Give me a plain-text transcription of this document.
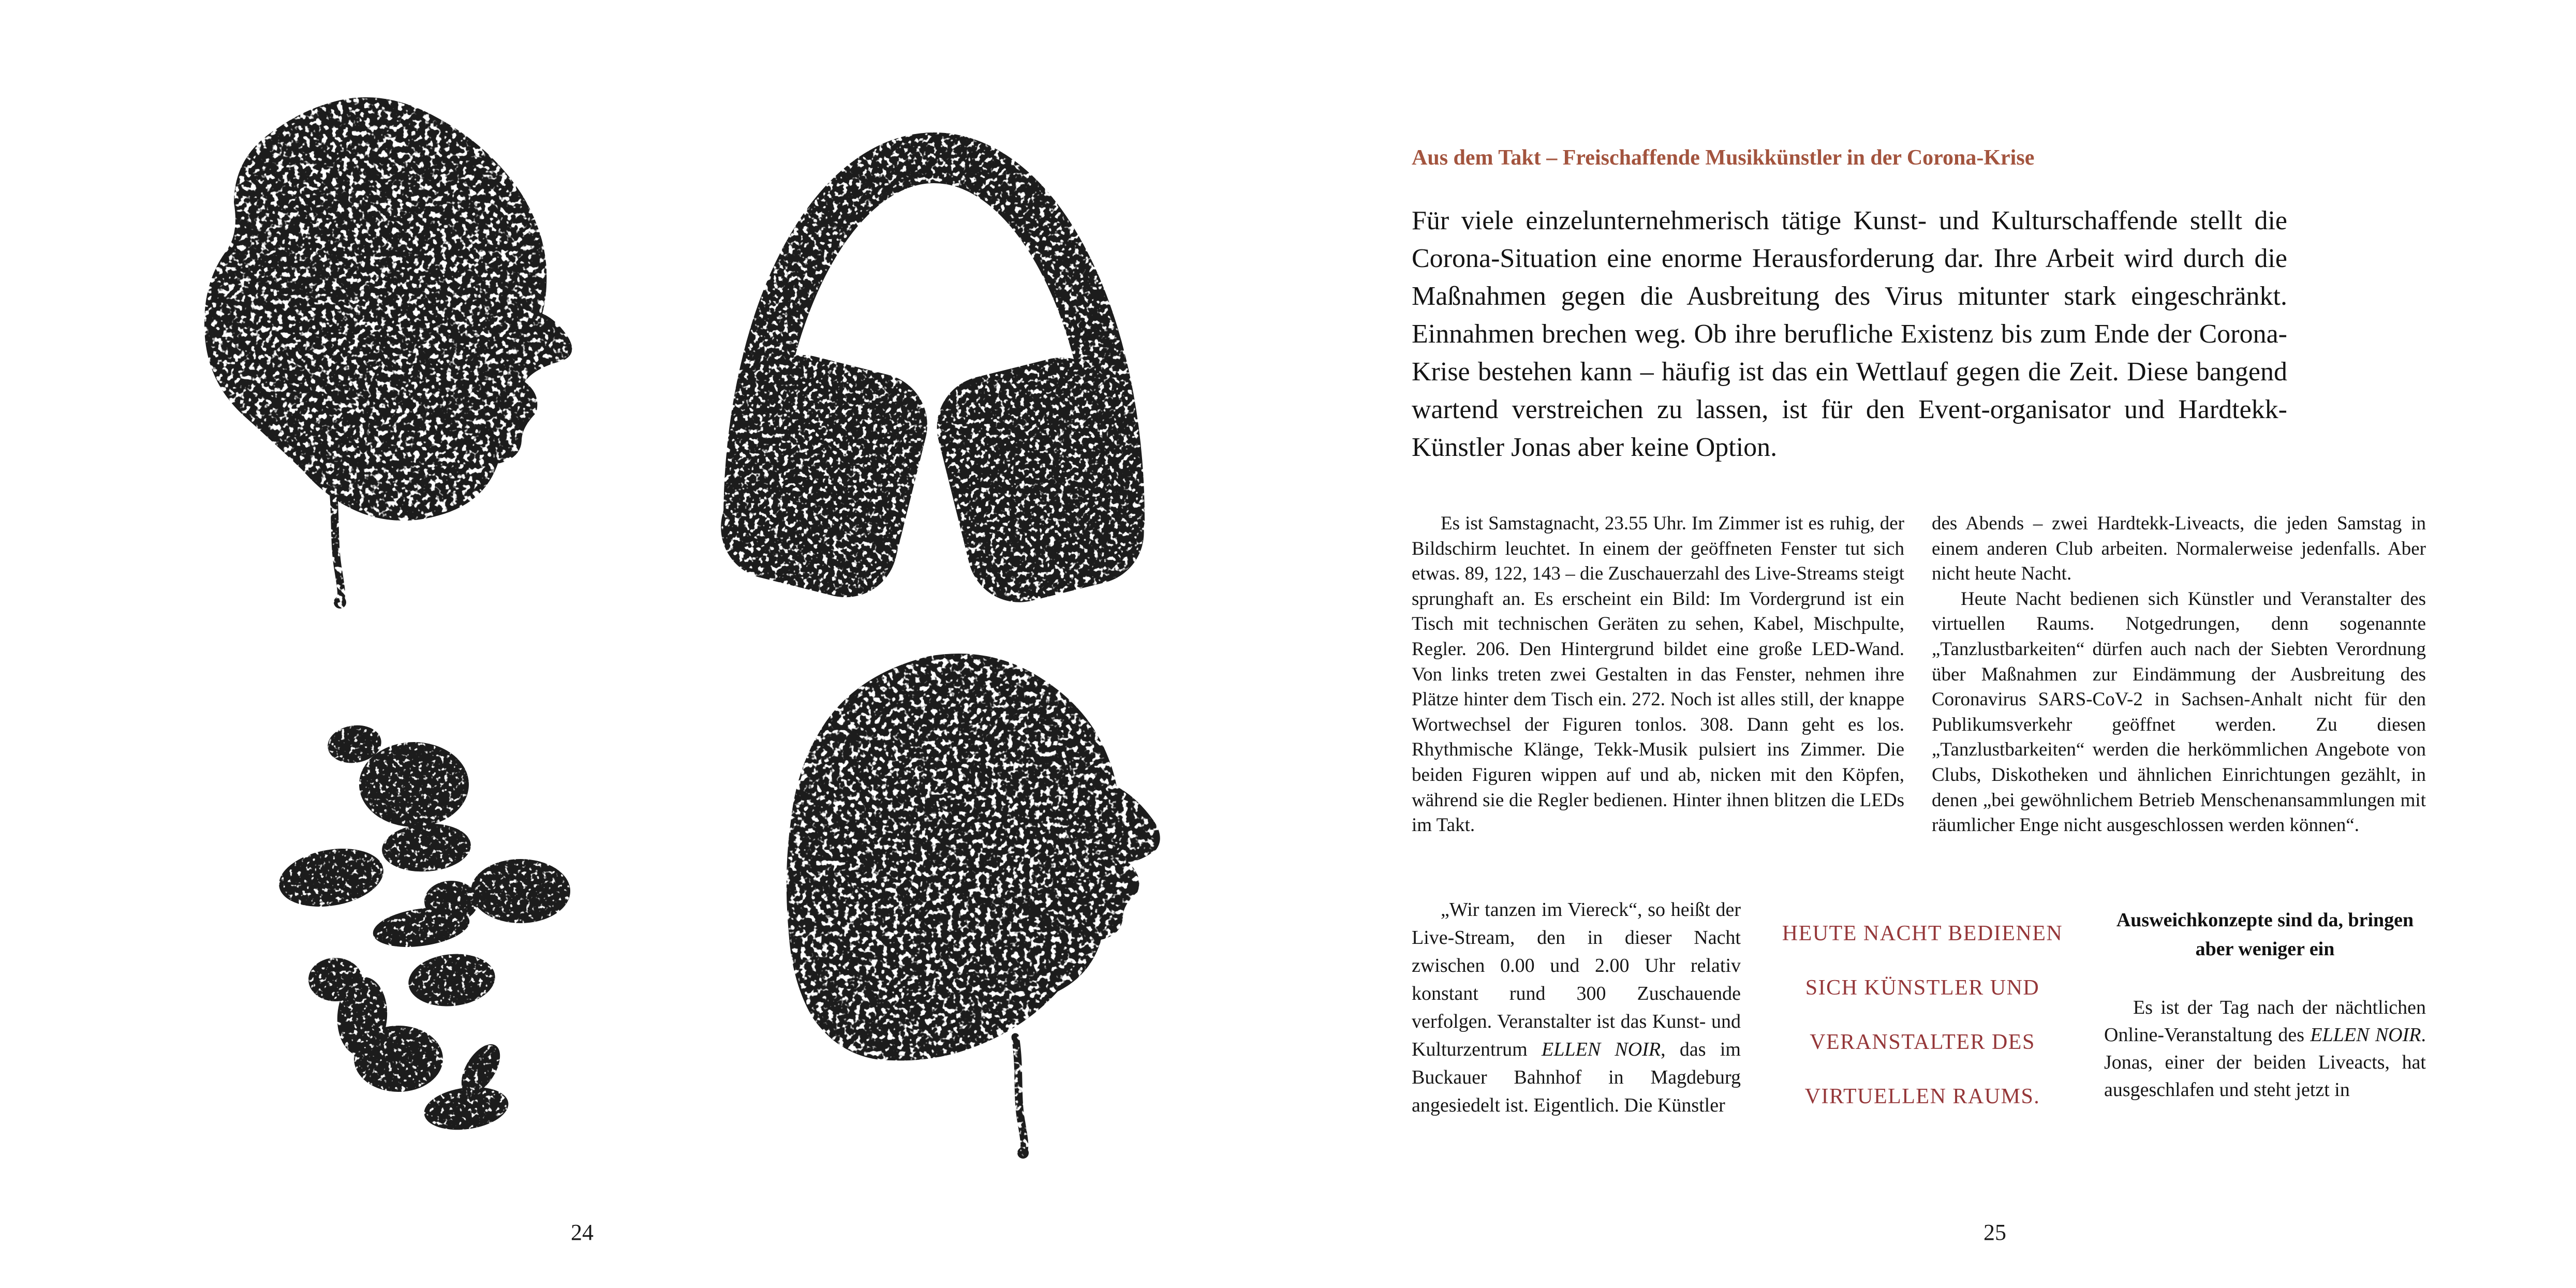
24
Aus dem Takt – Freischaffende Musikkünstler in der Corona-Krise
Für viele einzelunternehmerisch tätige Kunst- und Kulturschaffende stellt die Corona-Situation eine enorme Herausforderung dar. Ihre Arbeit wird durch die Maßnahmen gegen die Ausbreitung des Virus mitunter stark eingeschränkt. Einnahmen brechen weg. Ob ihre berufliche Existenz bis zum Ende der Corona-Krise bestehen kann – häufig ist das ein Wettlauf gegen die Zeit. Diese bangend wartend verstreichen zu lassen, ist für den Event-organisator und Hardtekk-Künstler Jonas aber keine Option.

Es ist Samstagnacht, 23.55 Uhr. Im Zimmer ist es ruhig, der Bildschirm leuchtet. In einem der geöffneten Fenster tut sich etwas. 89, 122, 143 – die Zuschauerzahl des Live-Streams steigt sprunghaft an. Es erscheint ein Bild: Im Vordergrund ist ein Tisch mit technischen Geräten zu sehen, Kabel, Mischpulte, Regler. 206. Den Hintergrund bildet eine große LED-Wand. Von links treten zwei Gestalten in das Fenster, nehmen ihre Plätze hinter dem Tisch ein. 272. Noch ist alles still, der knappe Wortwechsel der Figuren tonlos. 308. Dann geht es los. Rhythmische Klänge, Tekk-Musik pulsiert ins Zimmer. Die beiden Figuren wippen auf und ab, nicken mit den Köpfen, während sie die Regler bedienen. Hinter ihnen blitzen die LEDs im Takt.

des Abends – zwei Hardtekk-Liveacts, die jeden Samstag in einem anderen Club arbeiten. Normalerweise jedenfalls. Aber nicht heute Nacht.

Heute Nacht bedienen sich Künstler und Veranstalter des virtuellen Raums. Notgedrungen, denn sogenannte „Tanzlustbarkeiten“ dürfen auch nach der Siebten Verordnung über Maßnahmen zur Eindämmung der Ausbreitung des Coronavirus SARS-CoV-2 in Sachsen-Anhalt nicht für den Publikumsverkehr geöffnet werden. Zu diesen „Tanzlustbarkeiten“ werden die herkömmlichen Angebote von Clubs, Diskotheken und ähnlichen Einrichtungen gezählt, in denen „bei gewöhnlichem Betrieb Menschenansammlungen mit räumlicher Enge nicht ausgeschlossen werden können“.

„Wir tanzen im Viereck“, so heißt der Live-Stream, den in dieser Nacht zwischen 0.00 und 2.00 Uhr relativ konstant rund 300 Zuschauende verfolgen. Veranstalter ist das Kunst- und Kulturzentrum ELLEN NOIR, das im Buckauer Bahnhof in Magdeburg angesiedelt ist. Eigentlich. Die Künstler

HEUTE NACHT BEDIENEN
SICH KÜNSTLER UND
VERANSTALTER DES
VIRTUELLEN RAUMS.
Ausweichkonzepte sind da, bringen aber weniger ein

Es ist der Tag nach der nächtlichen Online-Veranstaltung des ELLEN NOIR. Jonas, einer der beiden Liveacts, hat ausgeschlafen und steht jetzt in

25
